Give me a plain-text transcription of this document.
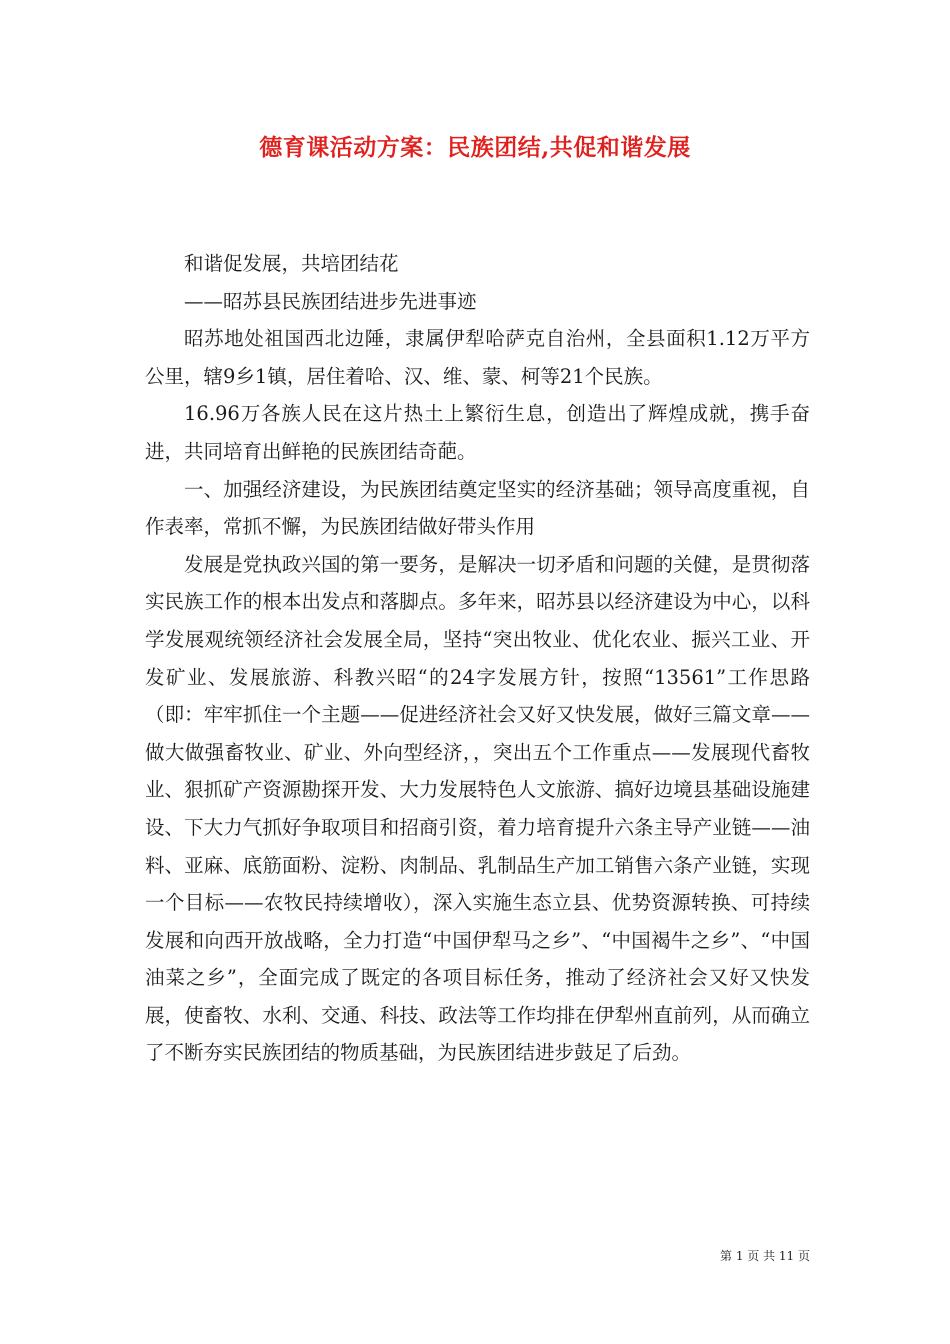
德育课活动方案：民族团结,共促和谐发展

和谐促发展，共培团结花

——昭苏县民族团结进步先进事迹

昭苏地处祖国西北边陲，隶属伊犁哈萨克自治州，全县面积1.12万平方公里，辖9乡1镇，居住着哈、汉、维、蒙、柯等21个民族。

16.96万各族人民在这片热土上繁衍生息，创造出了辉煌成就，携手奋进，共同培育出鲜艳的民族团结奇葩。

一、加强经济建设，为民族团结奠定坚实的经济基础；领导高度重视，自作表率，常抓不懈，为民族团结做好带头作用

发展是党执政兴国的第一要务，是解决一切矛盾和问题的关健，是贯彻落实民族工作的根本出发点和落脚点。多年来，昭苏县以经济建设为中心，以科学发展观统领经济社会发展全局，坚持“突出牧业、优化农业、振兴工业、开发矿业、发展旅游、科教兴昭“的24字发展方针，按照“13561”工作思路（即：牢牢抓住一个主题——促进经济社会又好又快发展，做好三篇文章——做大做强畜牧业、矿业、外向型经济，，突出五个工作重点——发展现代畜牧业、狠抓矿产资源勘探开发、大力发展特色人文旅游、搞好边境县基础设施建设、下大力气抓好争取项目和招商引资，着力培育提升六条主导产业链——油料、亚麻、底筋面粉、淀粉、肉制品、乳制品生产加工销售六条产业链，实现一个目标——农牧民持续增收），深入实施生态立县、优势资源转换、可持续发展和向西开放战略，全力打造“中国伊犁马之乡”、“中国褐牛之乡”、“中国油菜之乡”，全面完成了既定的各项目标任务，推动了经济社会又好又快发展，使畜牧、水利、交通、科技、政法等工作均排在伊犁州直前列，从而确立了不断夯实民族团结的物质基础，为民族团结进步鼓足了后劲。

第 1 页 共 11 页
